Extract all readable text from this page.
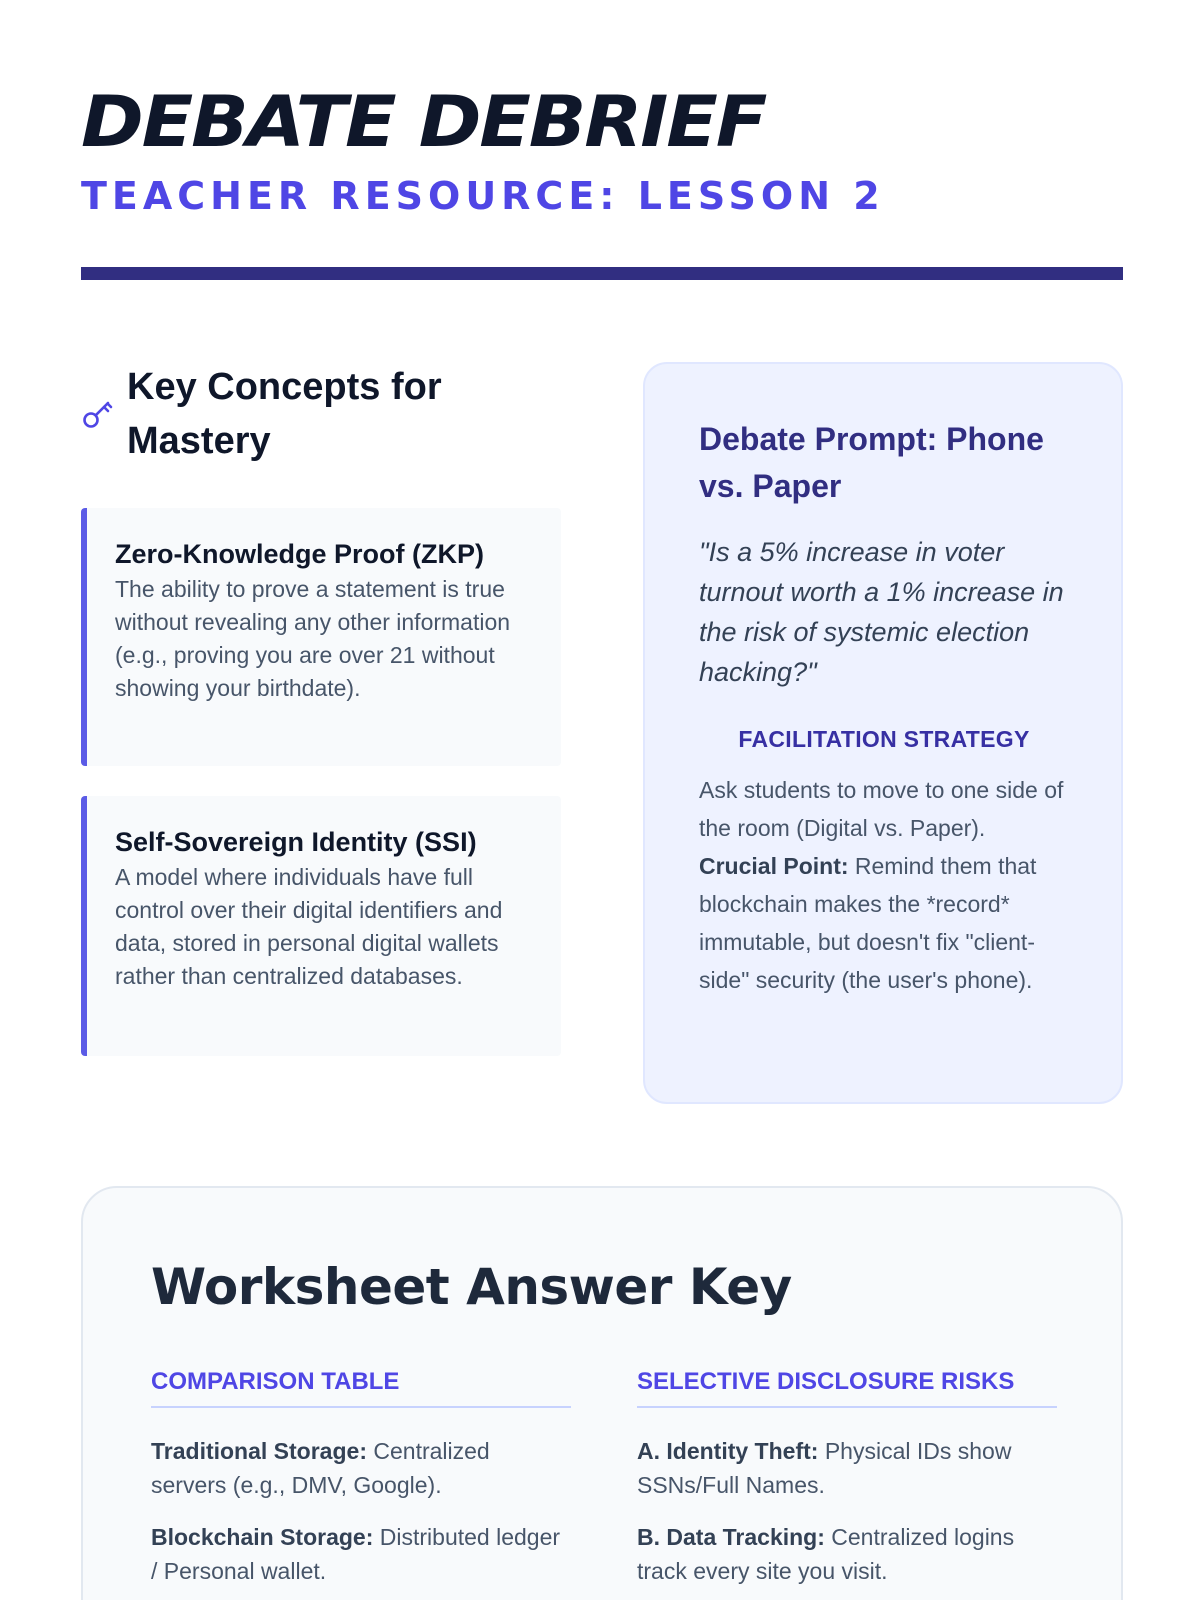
DEBATE DEBRIEF
TEACHER RESOURCE: LESSON 2
Key Concepts for Mastery
Zero-Knowledge Proof (ZKP)
The ability to prove a statement is true without revealing any other information (e.g., proving you are over 21 without showing your birthdate).
Self-Sovereign Identity (SSI)
A model where individuals have full control over their digital identifiers and data, stored in personal digital wallets rather than centralized databases.
Debate Prompt: Phone vs. Paper

"Is a 5% increase in voter turnout worth a 1% increase in the risk of systemic election hacking?"

FACILITATION STRATEGY

Ask students to move to one side of the room (Digital vs. Paper). Crucial Point: Remind them that blockchain makes the *record* immutable, but doesn't fix "client-side" security (the user's phone).

Worksheet Answer Key
COMPARISON TABLE

Traditional Storage: Centralized servers (e.g., DMV, Google).

Blockchain Storage: Distributed ledger / Personal wallet.

SELECTIVE DISCLOSURE RISKS

A. Identity Theft: Physical IDs show SSNs/Full Names.

B. Data Tracking: Centralized logins track every site you visit.
